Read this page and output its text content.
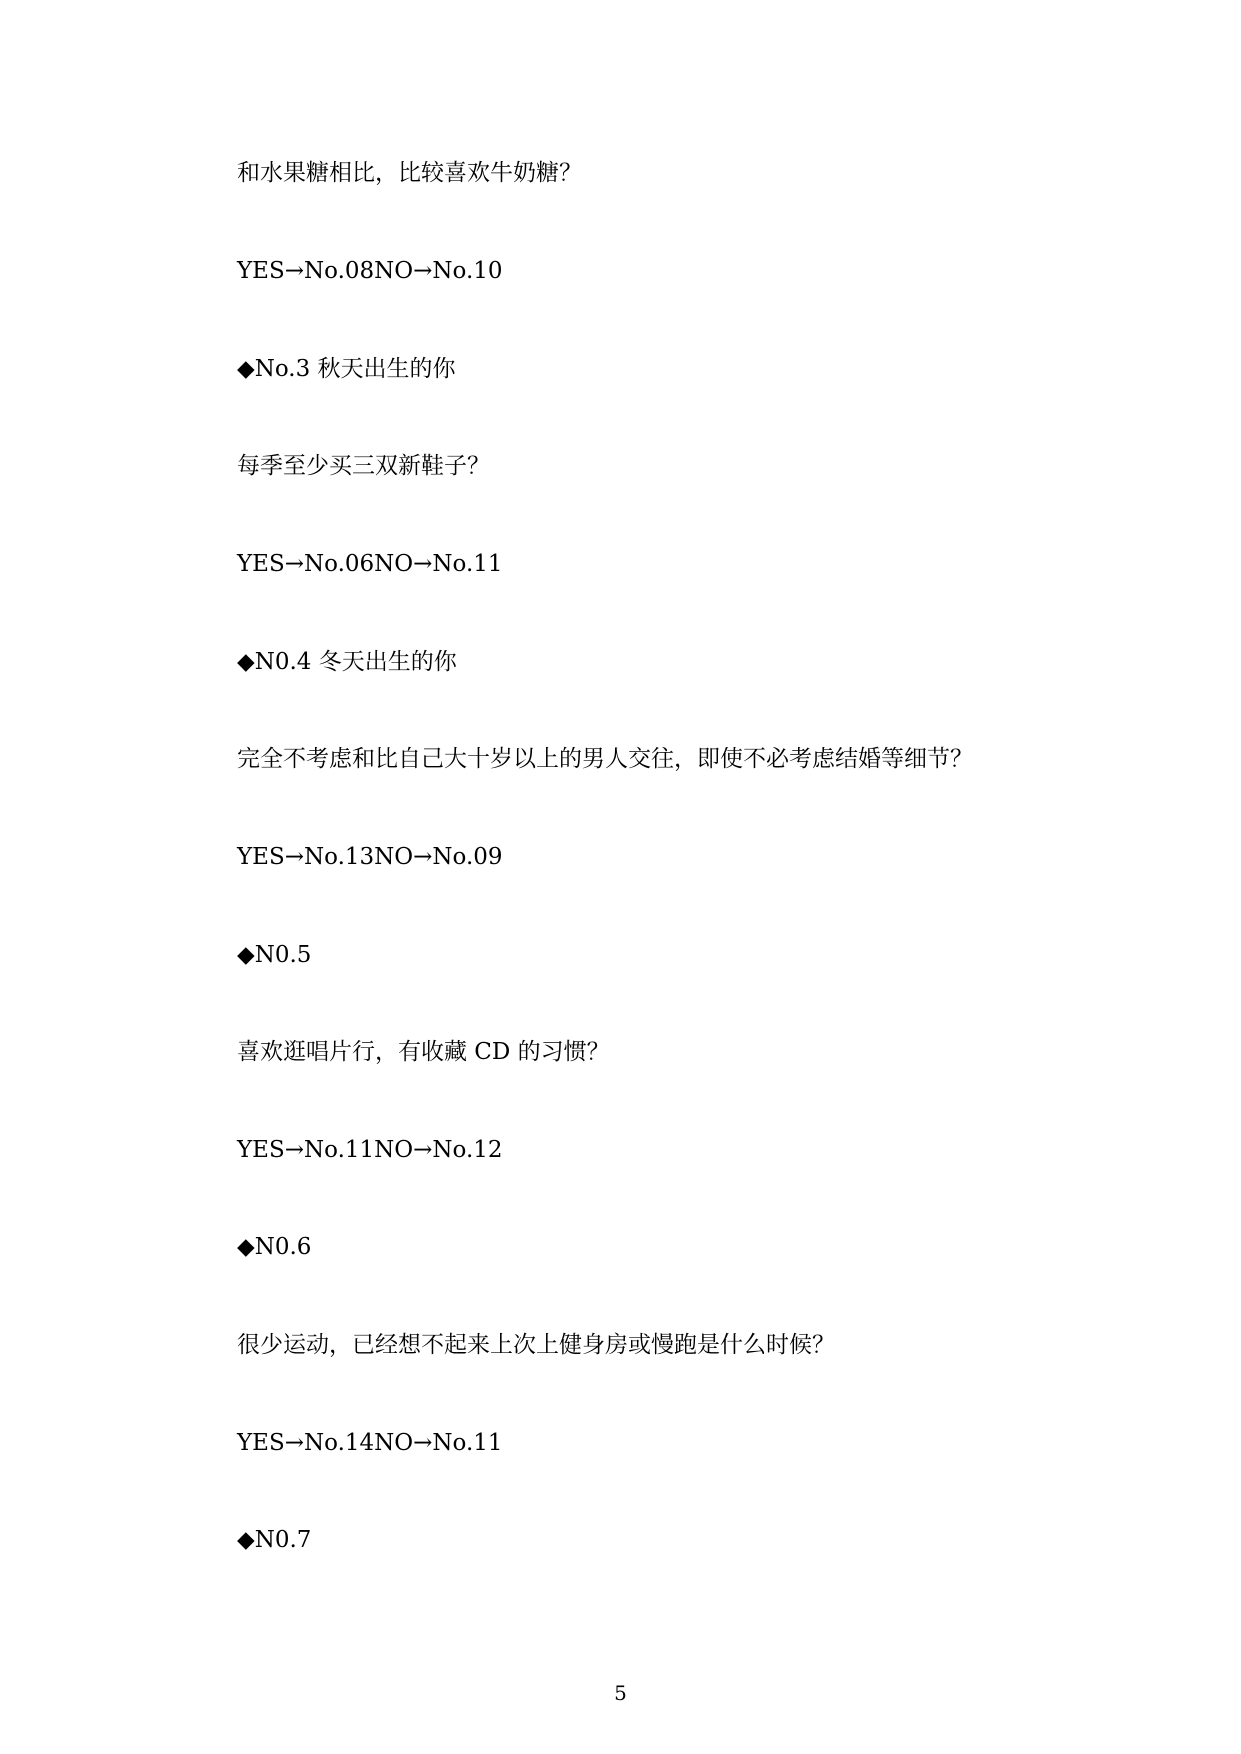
和水果糖相比，比较喜欢牛奶糖？
YES→No.08NO→No.10
◆No.3 秋天出生的你
每季至少买三双新鞋子？
YES→No.06NO→No.11
◆N0.4 冬天出生的你
完全不考虑和比自己大十岁以上的男人交往，即使不必考虑结婚等细节？
YES→No.13NO→No.09
◆N0.5
喜欢逛唱片行，有收藏 CD 的习惯？
YES→No.11NO→No.12
◆N0.6
很少运动，已经想不起来上次上健身房或慢跑是什么时候？
YES→No.14NO→No.11
◆N0.7
5
